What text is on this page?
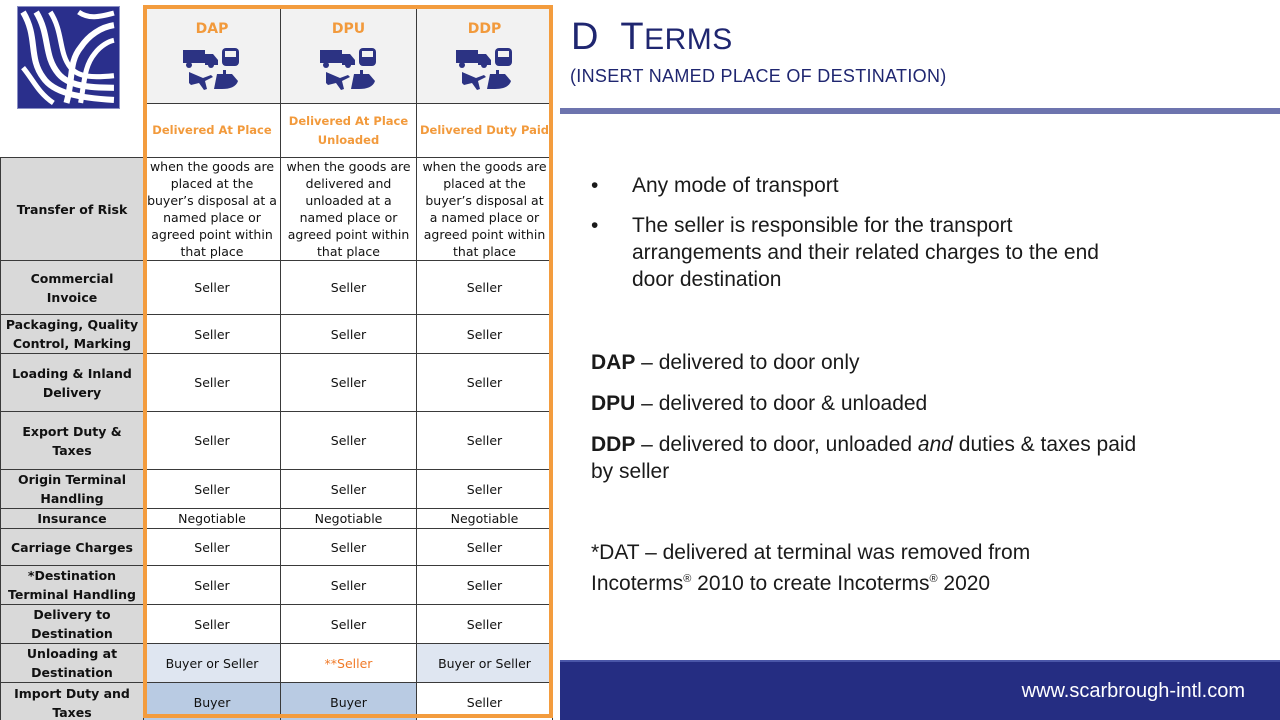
	DAP	DPU	DDP

	Delivered At Place	Delivered At Place Unloaded	Delivered Duty Paid
Transfer of Risk	when the goods are placed at the buyer’s disposal at a named place or agreed point within that place	when the goods are delivered and unloaded at a named place or agreed point within that place	when the goods are placed at the buyer’s disposal at a named place or agreed point within that place
Commercial Invoice	Seller	Seller	Seller
Packaging, Quality Control, Marking	Seller	Seller	Seller
Loading & Inland Delivery	Seller	Seller	Seller
Export Duty & Taxes	Seller	Seller	Seller
Origin Terminal Handling	Seller	Seller	Seller
Insurance	Negotiable	Negotiable	Negotiable
Carriage Charges	Seller	Seller	Seller
*Destination Terminal Handling	Seller	Seller	Seller
Delivery to Destination	Seller	Seller	Seller
Unloading at Destination	Buyer or Seller	**Seller	Buyer or Seller
Import Duty and Taxes	Buyer	Buyer	Seller
D TERMS
(INSERT NAMED PLACE OF DESTINATION)
• Any mode of transport
• The seller is responsible for the transport arrangements and their related charges to the end door destination

DAP – delivered to door only

DPU – delivered to door & unloaded

DDP – delivered to door, unloaded and duties & taxes paid by seller

*DAT – delivered at terminal was removed from
Incoterms® 2010 to create Incoterms® 2020
www.scarbrough-intl.com
